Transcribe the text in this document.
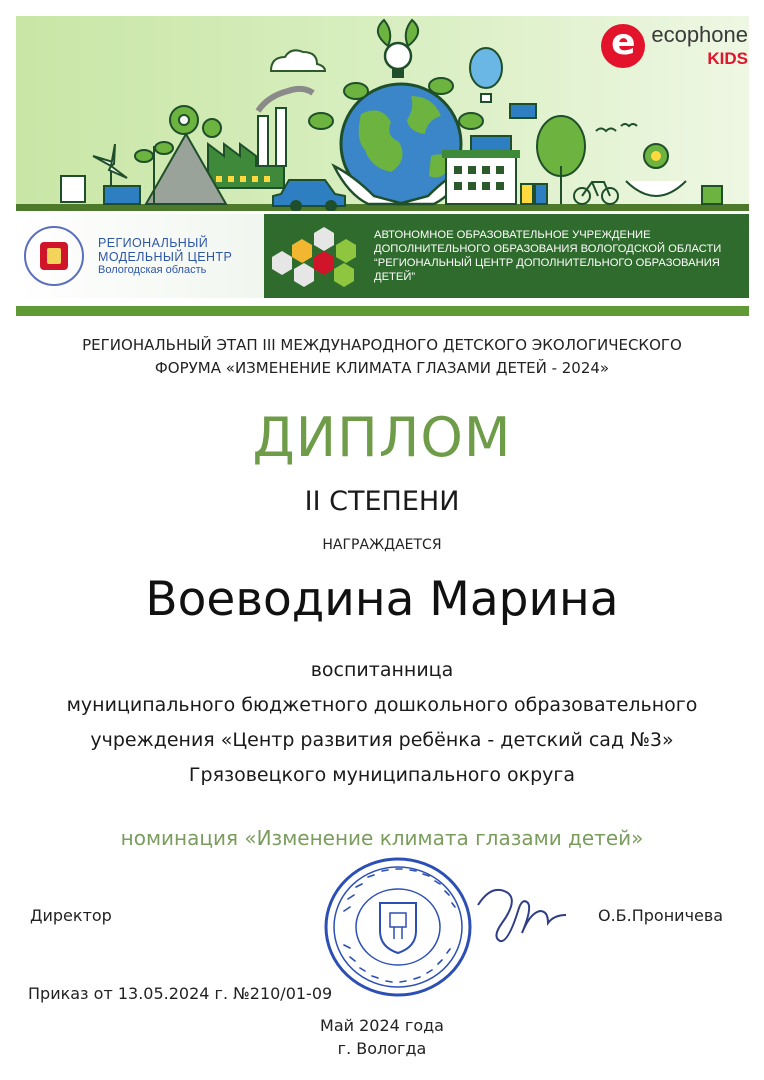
e
ecophone
KIDS
РЕГИОНАЛЬНЫЙ
МОДЕЛЬНЫЙ ЦЕНТР
Вологодская область
АВТОНОМНОЕ ОБРАЗОВАТЕЛЬНОЕ УЧРЕЖДЕНИЕ
ДОПОЛНИТЕЛЬНОГО ОБРАЗОВАНИЯ ВОЛОГОДСКОЙ ОБЛАСТИ
“РЕГИОНАЛЬНЫЙ ЦЕНТР ДОПОЛНИТЕЛЬНОГО ОБРАЗОВАНИЯ ДЕТЕЙ”
РЕГИОНАЛЬНЫЙ ЭТАП III МЕЖДУНАРОДНОГО ДЕТСКОГО ЭКОЛОГИЧЕСКОГО
ФОРУМА «ИЗМЕНЕНИЕ КЛИМАТА ГЛАЗАМИ ДЕТЕЙ - 2024»
ДИПЛОМ
II СТЕПЕНИ
НАГРАЖДАЕТСЯ
Воеводина Марина
воспитанница
муниципального бюджетного дошкольного образовательного
учреждения «Центр развития ребёнка - детский сад №3»
Грязовецкого муниципального округа
номинация «Изменение климата глазами детей»
Директор	О.Б.Проничева
Приказ от 13.05.2024 г. №210/01-09
Май 2024 года
г. Вологда
